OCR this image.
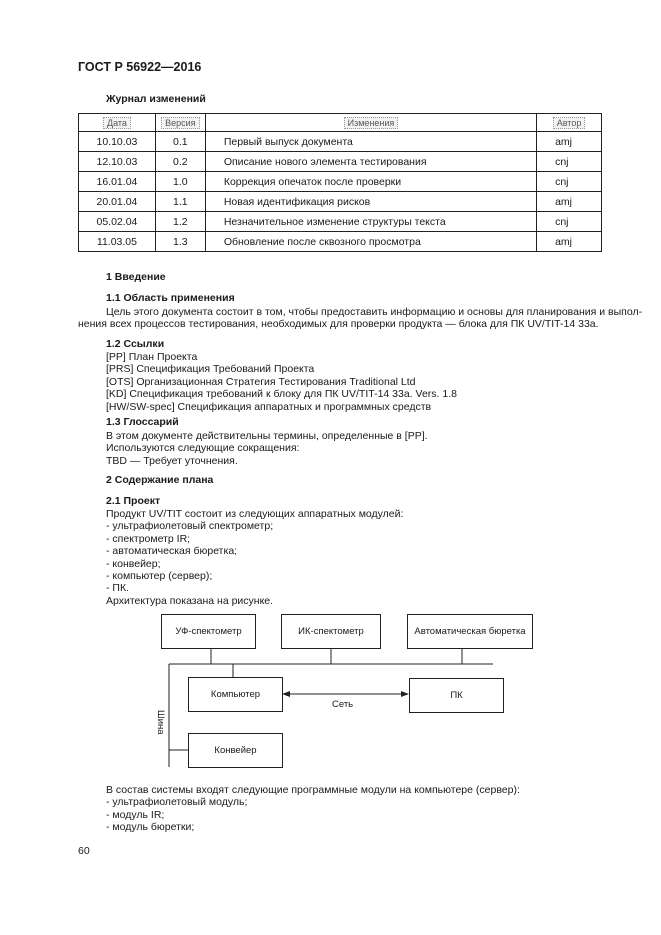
ГОСТ Р 56922—2016
Журнал изменений
Дата	Версия	Изменения	Автор
10.10.03	0.1	Первый выпуск документа	amj
12.10.03	0.2	Описание нового элемента тестирования	cnj
16.01.04	1.0	Коррекция опечаток после проверки	cnj
20.01.04	1.1	Новая идентификация рисков	amj
05.02.04	1.2	Незначительное изменение структуры текста	cnj
11.03.05	1.3	Обновление после сквозного просмотра	amj
1 Введение
1.1 Область применения
Цель этого документа состоит в том, чтобы предоставить информацию и основы для планирования и выпол-
нения всех процессов тестирования, необходимых для проверки продукта — блока для ПК UV/TIT-14 33a.
1.2 Ссылки
[PP] План Проекта
[PRS] Спецификация Требований Проекта
[OTS] Организационная Стратегия Тестирования Traditional Ltd
[KD] Спецификация требований к блоку для ПК UV/TIT-14 33a. Vers. 1.8
[HW/SW-spec] Спецификация аппаратных и программных средств
1.3 Глоссарий
В этом документе действительны термины, определенные в [PP].
Используются следующие сокращения:
TBD — Требует уточнения.
2 Содержание плана
2.1 Проект
Продукт UV/TIT состоит из следующих аппаратных модулей:
- ультрафиолетовый спектрометр;
- спектрометр IR;
- автоматическая бюретка;
- конвейер;
- компьютер (сервер);
- ПК.
Архитектура показана на рисунке.
УФ-спектометр	ИК-спектометр	Автоматическая бюретка
Компьютер	ПК
Конвейер
Сеть
Шина
В состав системы входят следующие программные модули на компьютере (сервер):
- ультрафиолетовый модуль;
- модуль IR;
- модуль бюретки;
60
